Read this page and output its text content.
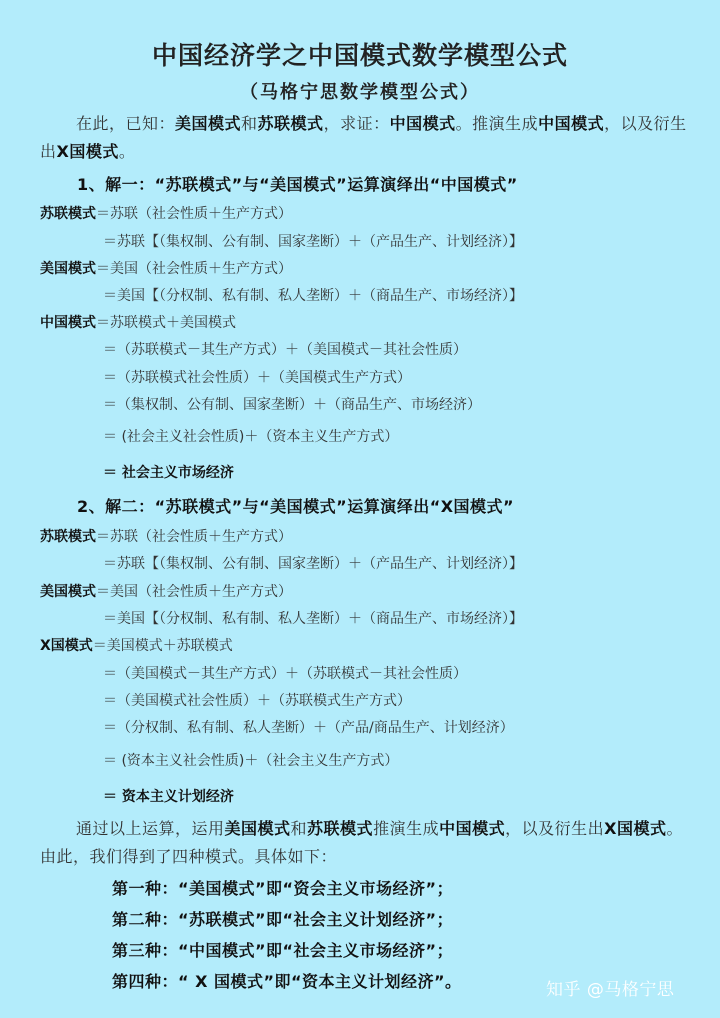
中国经济学之中国模式数学模型公式
（马格宁思数学模型公式）
在此，已知：美国模式和苏联模式，求证：中国模式。推演生成中国模式，以及衍生出X国模式。
1、解一：“苏联模式”与“美国模式”运算演绎出“中国模式”
苏联模式＝苏联（社会性质＋生产方式）
＝苏联【（集权制、公有制、国家垄断）＋（产品生产、计划经济）】
美国模式＝美国（社会性质＋生产方式）
＝美国【（分权制、私有制、私人垄断）＋（商品生产、市场经济）】
中国模式＝苏联模式＋美国模式
＝（苏联模式－其生产方式）＋（美国模式－其社会性质）
＝（苏联模式社会性质）＋（美国模式生产方式）
＝（集权制、公有制、国家垄断）＋（商品生产、市场经济）
＝ (社会主义社会性质)＋（资本主义生产方式）
＝ 社会主义市场经济
2、解二：“苏联模式”与“美国模式”运算演绎出“X国模式”
苏联模式＝苏联（社会性质＋生产方式）
＝苏联【（集权制、公有制、国家垄断）＋（产品生产、计划经济）】
美国模式＝美国（社会性质＋生产方式）
＝美国【（分权制、私有制、私人垄断）＋（商品生产、市场经济）】
X国模式＝美国模式＋苏联模式
＝（美国模式－其生产方式）＋（苏联模式－其社会性质）
＝（美国模式社会性质）＋（苏联模式生产方式）
＝（分权制、私有制、私人垄断）＋（产品/商品生产、计划经济）
＝ (资本主义社会性质)＋（社会主义生产方式）
＝ 资本主义计划经济
通过以上运算，运用美国模式和苏联模式推演生成中国模式，以及衍生出X国模式。由此，我们得到了四种模式。具体如下：
第一种：“美国模式”即“资会主义市场经济”；
第二种：“苏联模式”即“社会主义计划经济”；
第三种：“中国模式”即“社会主义市场经济”；
第四种：“ X 国模式”即“资本主义计划经济”。	知乎 @马格宁思
